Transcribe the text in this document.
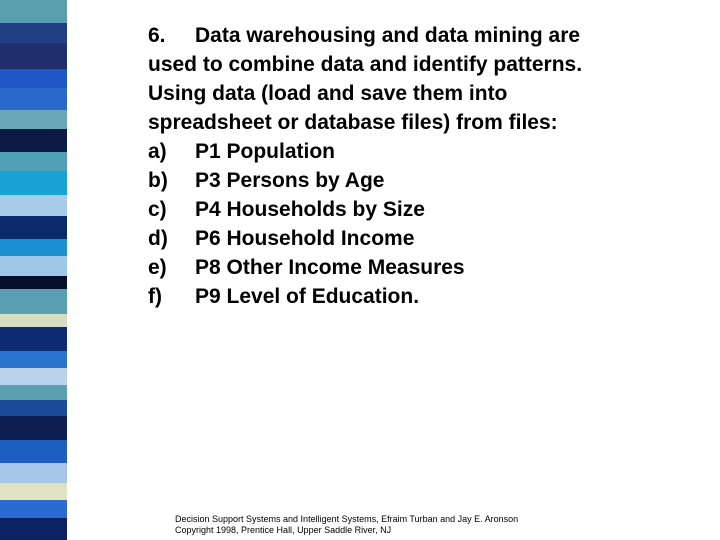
6. Data warehousing and data mining are
used to combine data and identify patterns.
Using data (load and save them into
spreadsheet or database files) from files:
a) P1 Population
b) P3 Persons by Age
c) P4 Households by Size
d) P6 Household Income
e) P8 Other Income Measures
f) P9 Level of Education.
Decision Support Systems and Intelligent Systems, Efraim Turban and Jay E. Aronson
Copyright 1998, Prentice Hall, Upper Saddle River, NJ
